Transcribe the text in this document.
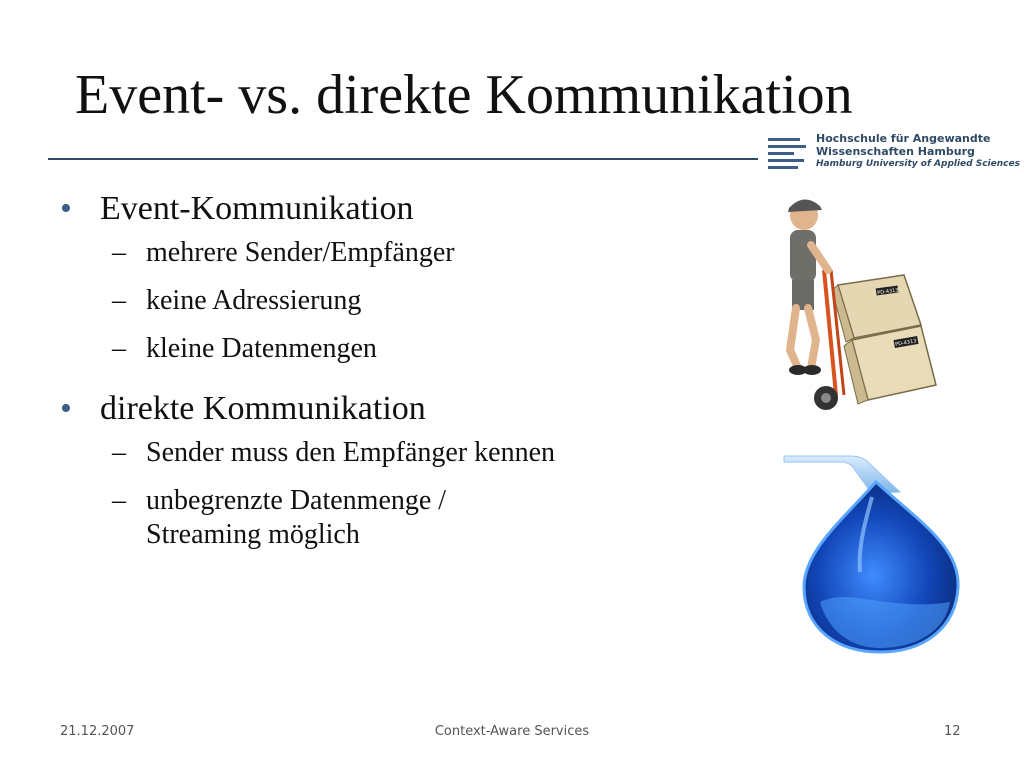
Event- vs. direkte Kommunikation
Hochschule für Angewandte
Wissenschaften Hamburg
Hamburg University of Applied Sciences
• Event-Kommunikation
– mehrere Sender/Empfänger
– keine Adressierung
– kleine Datenmengen
• direkte Kommunikation
– Sender muss den Empfänger kennen
– unbegrenzte Datenmenge /
Streaming möglich
PD-4313
PD-4313
21.12.2007	Context-Aware Services	12
